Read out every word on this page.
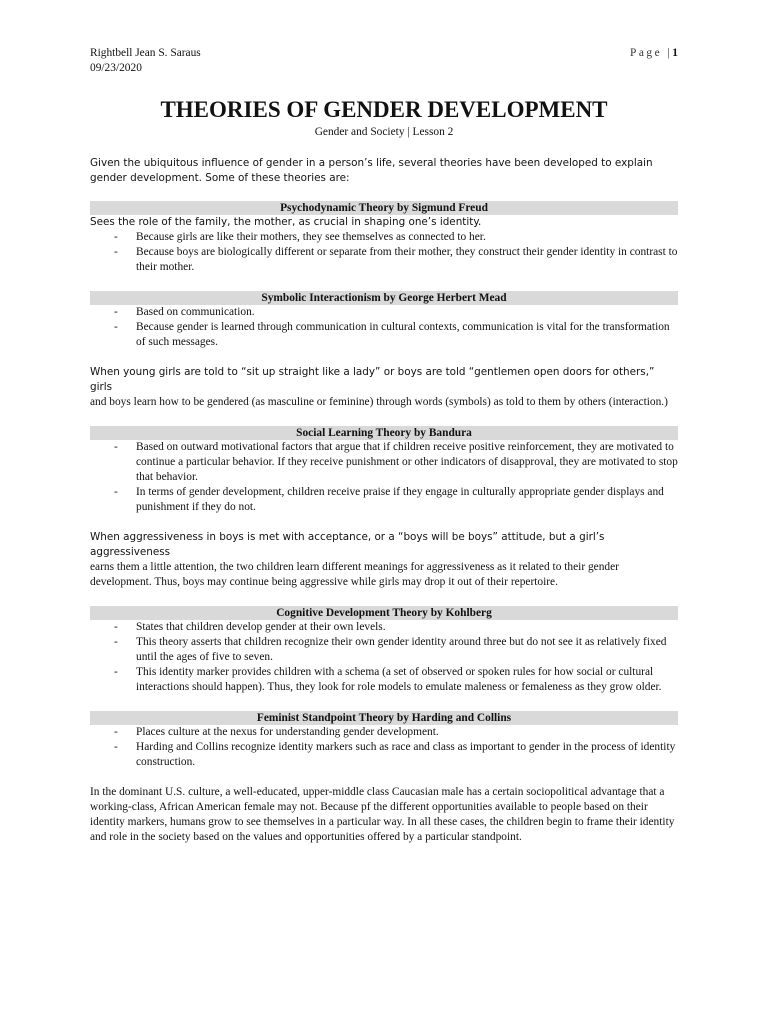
Rightbell Jean S. Saraus
09/23/2020
Page |1
THEORIES OF GENDER DEVELOPMENT
Gender and Society | Lesson 2

Given the ubiquitous influence of gender in a person’s life, several theories have been developed to explain gender development. Some of these theories are:

Psychodynamic Theory by Sigmund Freud

Sees the role of the family, the mother, as crucial in shaping one’s identity.

- Because girls are like their mothers, they see themselves as connected to her.
- Because boys are biologically different or separate from their mother, they construct their gender identity in contrast to their mother.
Symbolic Interactionism by George Herbert Mead
- Based on communication.
- Because gender is learned through communication in cultural contexts, communication is vital for the transformation of such messages.

When young girls are told to “sit up straight like a lady” or boys are told “gentlemen open doors for others,” girls

and boys learn how to be gendered (as masculine or feminine) through words (symbols) as told to them by others (interaction.)

Social Learning Theory by Bandura
- Based on outward motivational factors that argue that if children receive positive reinforcement, they are motivated to continue a particular behavior. If they receive punishment or other indicators of disapproval, they are motivated to stop that behavior.
- In terms of gender development, children receive praise if they engage in culturally appropriate gender displays and punishment if they do not.

When aggressiveness in boys is met with acceptance, or a “boys will be boys” attitude, but a girl’s aggressiveness

earns them a little attention, the two children learn different meanings for aggressiveness as it related to their gender development. Thus, boys may continue being aggressive while girls may drop it out of their repertoire.

Cognitive Development Theory by Kohlberg
- States that children develop gender at their own levels.
- This theory asserts that children recognize their own gender identity around three but do not see it as relatively fixed until the ages of five to seven.
- This identity marker provides children with a schema (a set of observed or spoken rules for how social or cultural interactions should happen). Thus, they look for role models to emulate maleness or femaleness as they grow older.
Feminist Standpoint Theory by Harding and Collins
- Places culture at the nexus for understanding gender development.
- Harding and Collins recognize identity markers such as race and class as important to gender in the process of identity construction.

In the dominant U.S. culture, a well-educated, upper-middle class Caucasian male has a certain sociopolitical advantage that a working-class, African American female may not. Because pf the different opportunities available to people based on their identity markers, humans grow to see themselves in a particular way. In all these cases, the children begin to frame their identity and role in the society based on the values and opportunities offered by a particular standpoint.
